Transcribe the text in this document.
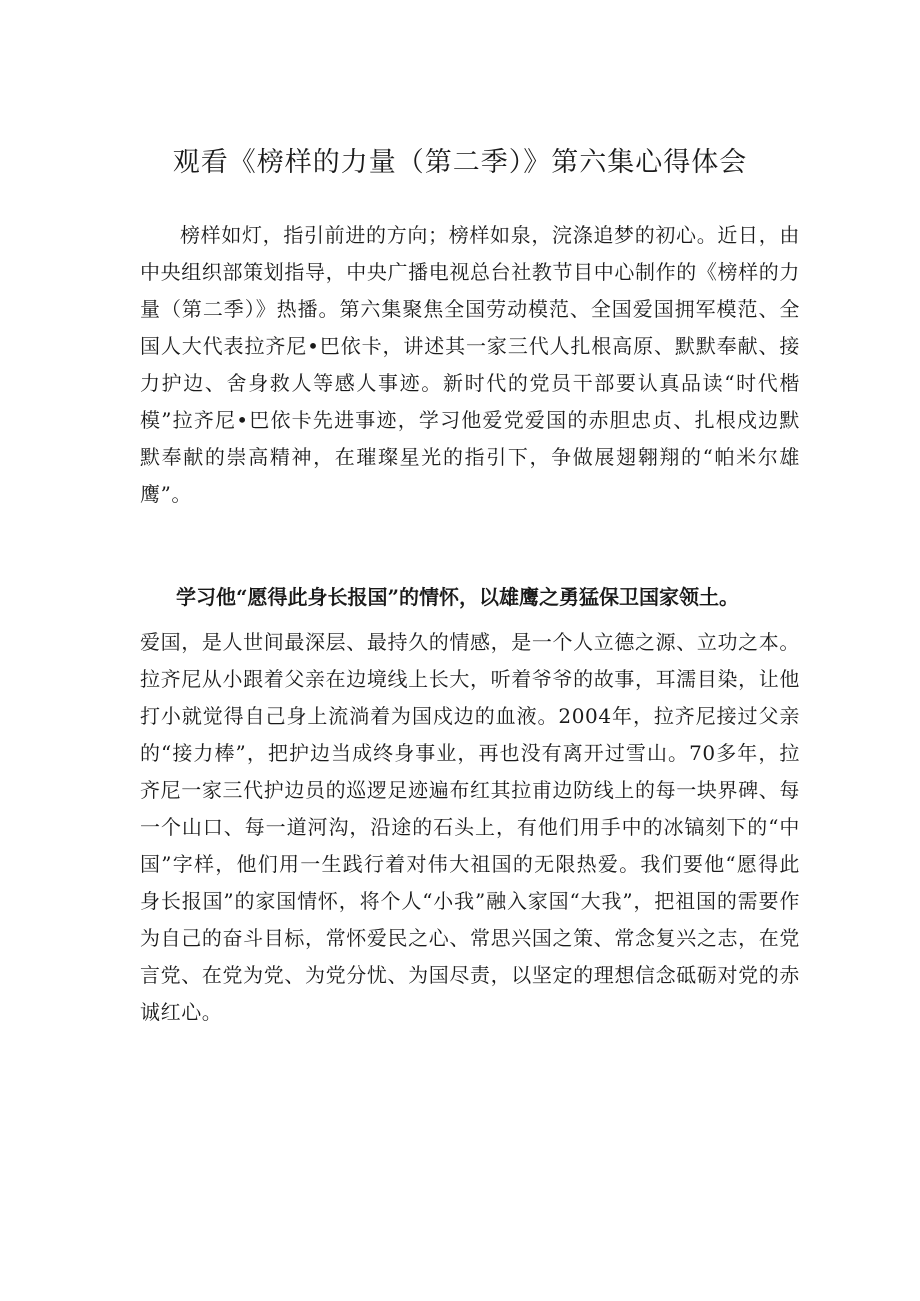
观看《榜样的力量（第二季）》第六集心得体会

榜样如灯，指引前进的方向；榜样如泉，浣涤追梦的初心。近日，由中央组织部策划指导，中央广播电视总台社教节目中心制作的《榜样的力量（第二季）》热播。第六集聚焦全国劳动模范、全国爱国拥军模范、全国人大代表拉齐尼•巴依卡，讲述其一家三代人扎根高原、默默奉献、接力护边、舍身救人等感人事迹。新时代的党员干部要认真品读“时代楷模”拉齐尼•巴依卡先进事迹，学习他爱党爱国的赤胆忠贞、扎根戍边默默奉献的崇高精神，在璀璨星光的指引下，争做展翅翱翔的“帕米尔雄鹰”。

学习他“愿得此身长报国”的情怀，以雄鹰之勇猛保卫国家领土。

爱国，是人世间最深层、最持久的情感，是一个人立德之源、立功之本。拉齐尼从小跟着父亲在边境线上长大，听着爷爷的故事，耳濡目染，让他打小就觉得自己身上流淌着为国戍边的血液。2004年，拉齐尼接过父亲的“接力棒”，把护边当成终身事业，再也没有离开过雪山。70多年，拉齐尼一家三代护边员的巡逻足迹遍布红其拉甫边防线上的每一块界碑、每一个山口、每一道河沟，沿途的石头上，有他们用手中的冰镐刻下的“中国”字样，他们用一生践行着对伟大祖国的无限热爱。我们要他“愿得此身长报国”的家国情怀，将个人“小我”融入家国“大我”，把祖国的需要作为自己的奋斗目标，常怀爱民之心、常思兴国之策、常念复兴之志，在党言党、在党为党、为党分忧、为国尽责，以坚定的理想信念砥砺对党的赤诚红心。
